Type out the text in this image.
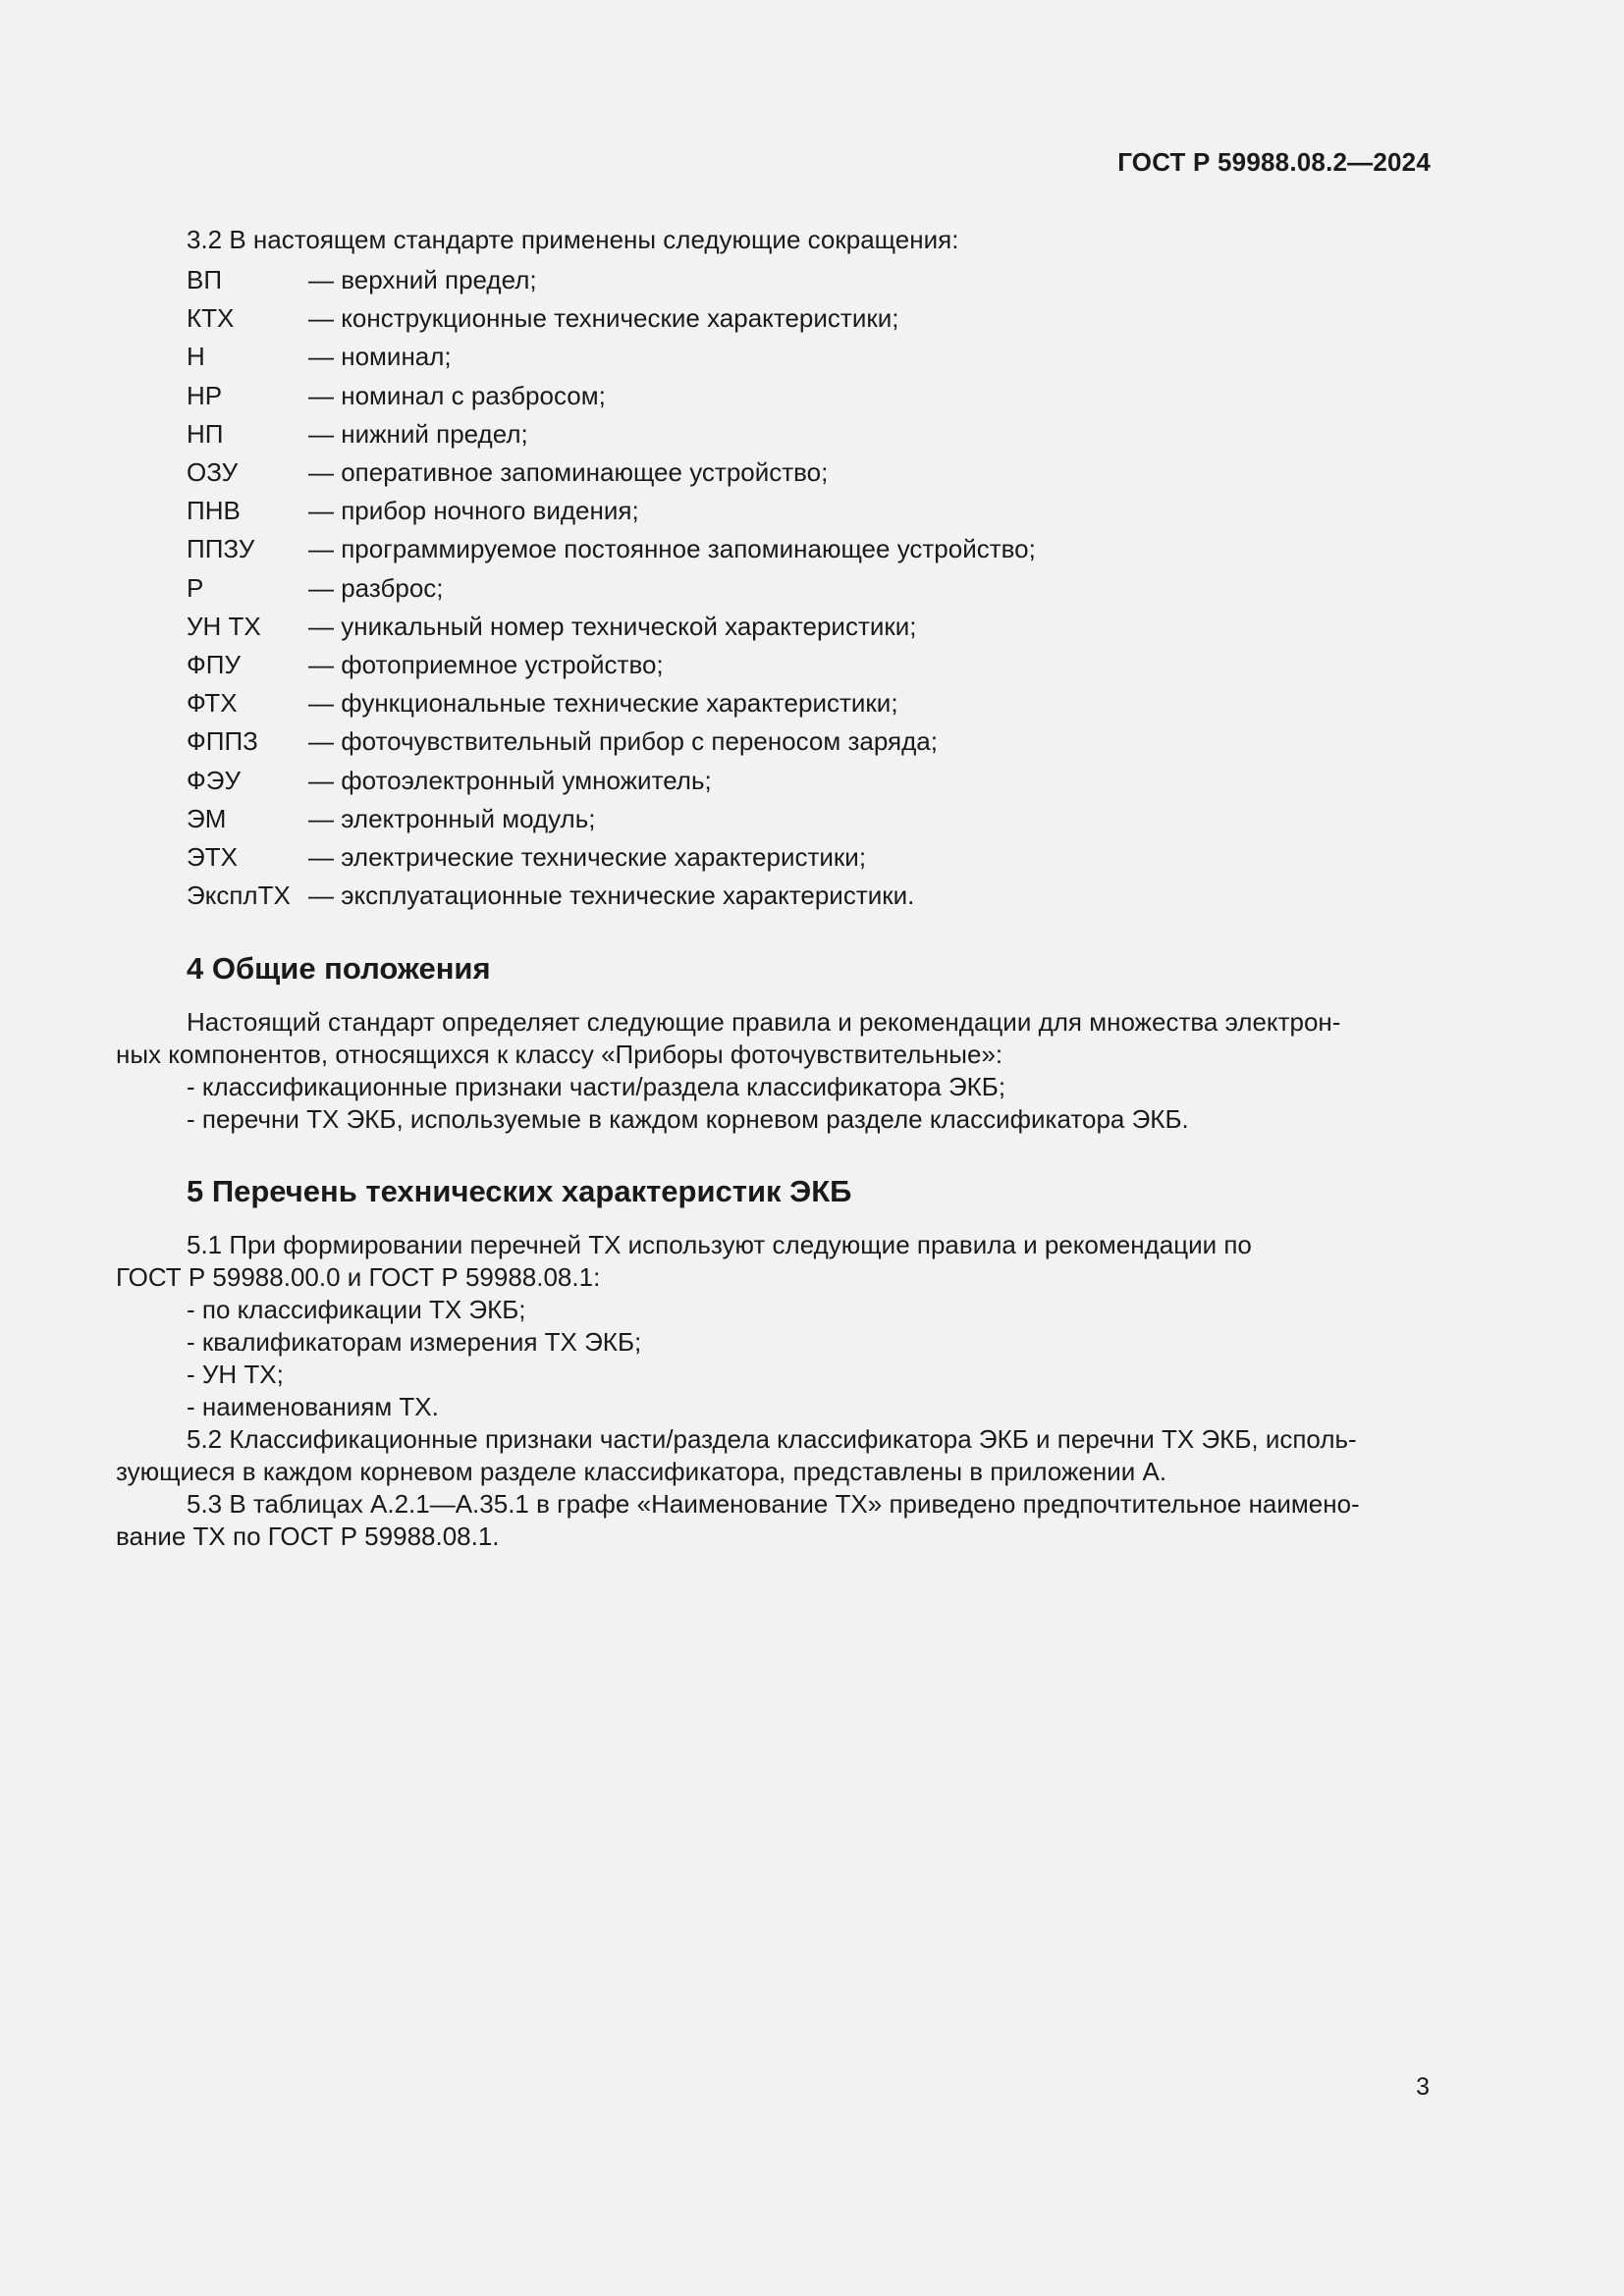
ГОСТ Р 59988.08.2—2024

3.2 В настоящем стандарте применены следующие сокращения:

ВП	— верхний предел;
КТХ	— конструкционные технические характеристики;
Н	— номинал;
НР	— номинал с разбросом;
НП	— нижний предел;
ОЗУ	— оперативное запоминающее устройство;
ПНВ	— прибор ночного видения;
ППЗУ	— программируемое постоянное запоминающее устройство;
Р	— разброс;
УН ТХ	— уникальный номер технической характеристики;
ФПУ	— фотоприемное устройство;
ФТХ	— функциональные технические характеристики;
ФППЗ	— фоточувствительный прибор с переносом заряда;
ФЭУ	— фотоэлектронный умножитель;
ЭМ	— электронный модуль;
ЭТХ	— электрические технические характеристики;
ЭксплТХ — эксплуатационные технические характеристики.
4 Общие положения
Настоящий стандарт определяет следующие правила и рекомендации для множества электрон-
ных компонентов, относящихся к классу «Приборы фоточувствительные»:
- классификационные признаки части/раздела классификатора ЭКБ;
- перечни ТХ ЭКБ, используемые в каждом корневом разделе классификатора ЭКБ.
5 Перечень технических характеристик ЭКБ
5.1 При формировании перечней ТХ используют следующие правила и рекомендации по
ГОСТ Р 59988.00.0 и ГОСТ Р 59988.08.1:
- по классификации ТХ ЭКБ;
- квалификаторам измерения ТХ ЭКБ;
- УН ТХ;
- наименованиям ТХ.
5.2 Классификационные признаки части/раздела классификатора ЭКБ и перечни ТХ ЭКБ, исполь-
зующиеся в каждом корневом разделе классификатора, представлены в приложении А.
5.3 В таблицах А.2.1—А.35.1 в графе «Наименование ТХ» приведено предпочтительное наимено-
вание ТХ по ГОСТ Р 59988.08.1.
3
